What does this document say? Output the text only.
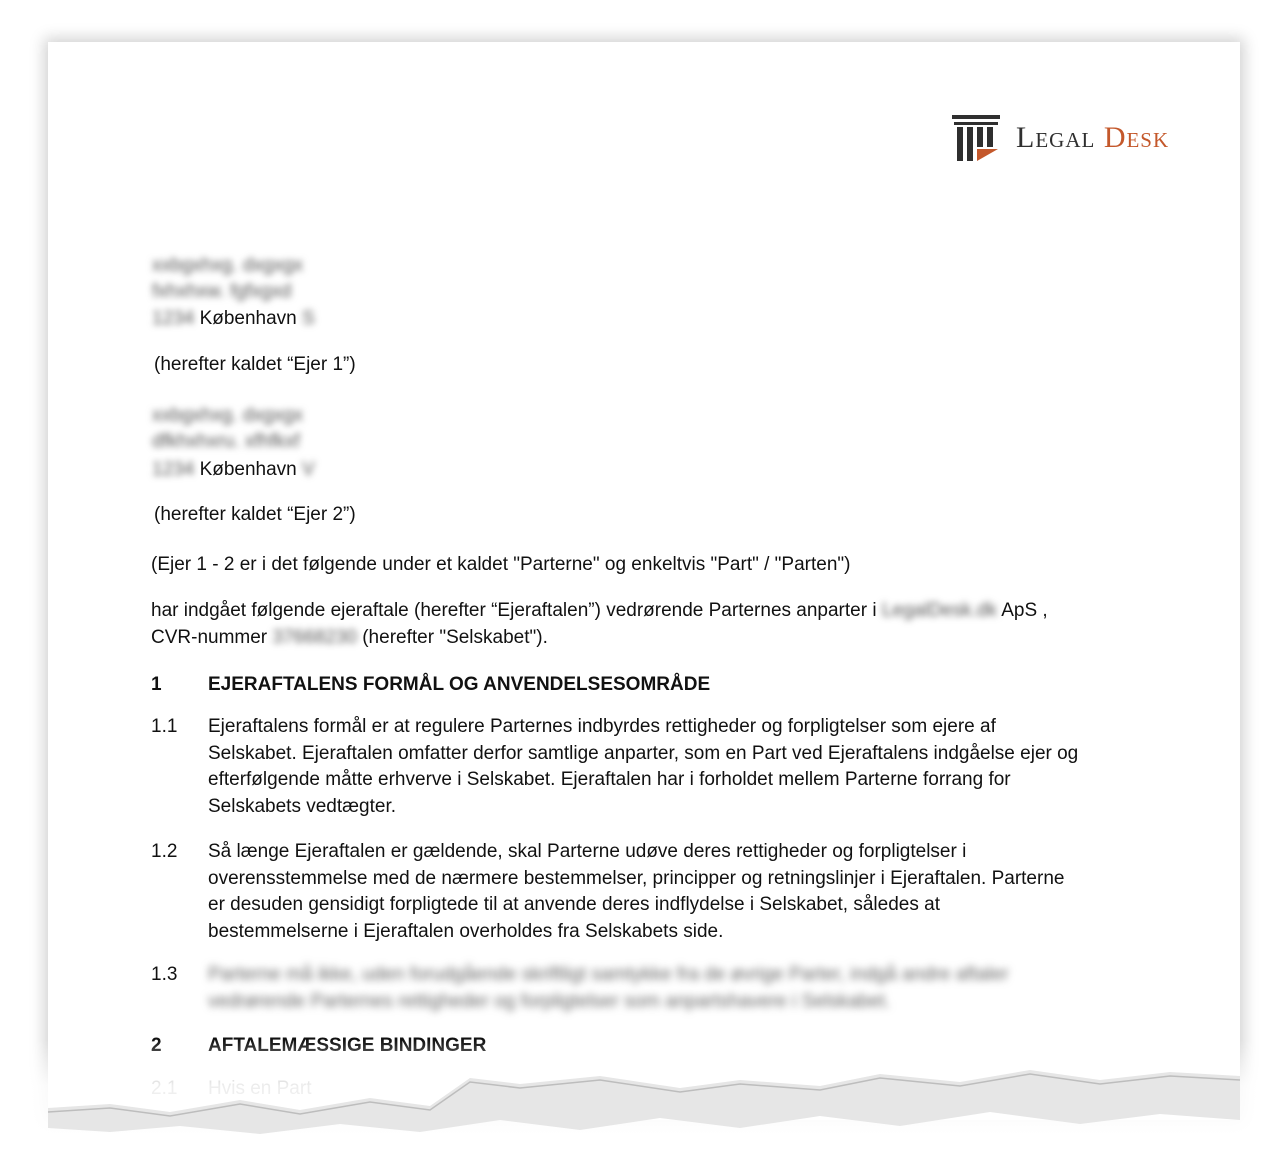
Legal Desk
xxbgxhxg. dxgxgx
fxhxhxw. fgfxgxd
1234 København S
(herefter kaldet “Ejer 1”)
xxbgxhxg. dxgxgx
dfkhxhxru. xfhfkxf
1234 København V
(herefter kaldet “Ejer 2”)
(Ejer 1 - 2 er i det følgende under et kaldet "Parterne" og enkeltvis "Part" / "Parten")
har indgået følgende ejeraftale (herefter “Ejeraftalen”) vedrørende Parternes anparter i LegalDesk.dk ApS ,
CVR-nummer 37668230 (herefter "Selskabet").
1 EJERAFTALENS FORMÅL OG ANVENDELSESOMRÅDE
1.1 Ejeraftalens formål er at regulere Parternes indbyrdes rettigheder og forpligtelser som ejere af
Selskabet. Ejeraftalen omfatter derfor samtlige anparter, som en Part ved Ejeraftalens indgåelse ejer og
efterfølgende måtte erhverve i Selskabet. Ejeraftalen har i forholdet mellem Parterne forrang for
Selskabets vedtægter.
1.2 Så længe Ejeraftalen er gældende, skal Parterne udøve deres rettigheder og forpligtelser i
overensstemmelse med de nærmere bestemmelser, principper og retningslinjer i Ejeraftalen. Parterne
er desuden gensidigt forpligtede til at anvende deres indflydelse i Selskabet, således at
bestemmelserne i Ejeraftalen overholdes fra Selskabets side.
1.3 Parterne må ikke, uden forudgående skriftligt samtykke fra de øvrige Parter, indgå andre aftaler
vedrørende Parternes rettigheder og forpligtelser som anpartshavere i Selskabet.
